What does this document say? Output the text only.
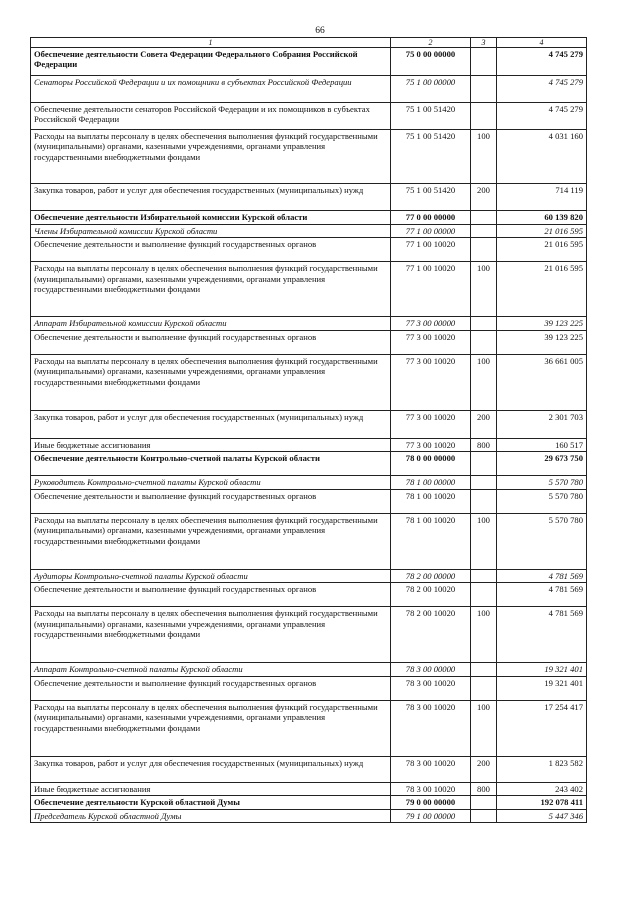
66
1	2	3	4
Обеспечение деятельности Совета Федерации Федерального Собрания Российской Федерации	75 0 00 00000		4 745 279
Сенаторы Российской Федерации и их помощники в субъектах Российской Федерации	75 1 00 00000		4 745 279
Обеспечение деятельности сенаторов Российской Федерации и их помощников в субъектах Российской Федерации	75 1 00 51420		4 745 279
Расходы на выплаты персоналу в целях обеспечения выполнения функций государственными (муниципальными) органами, казенными учреждениями, органами управления государственными внебюджетными фондами	75 1 00 51420	100	4 031 160
Закупка товаров, работ и услуг для обеспечения государственных (муниципальных) нужд	75 1 00 51420	200	714 119
Обеспечение деятельности Избирательной комиссии Курской области	77 0 00 00000		60 139 820
Члены Избирательной комиссии Курской области	77 1 00 00000		21 016 595
Обеспечение деятельности и выполнение функций государственных органов	77 1 00 10020		21 016 595
Расходы на выплаты персоналу в целях обеспечения выполнения функций государственными (муниципальными) органами, казенными учреждениями, органами управления государственными внебюджетными фондами	77 1 00 10020	100	21 016 595
Аппарат Избирательной комиссии Курской области	77 3 00 00000		39 123 225
Обеспечение деятельности и выполнение функций государственных органов	77 3 00 10020		39 123 225
Расходы на выплаты персоналу в целях обеспечения выполнения функций государственными (муниципальными) органами, казенными учреждениями, органами управления государственными внебюджетными фондами	77 3 00 10020	100	36 661 005
Закупка товаров, работ и услуг для обеспечения государственных (муниципальных) нужд	77 3 00 10020	200	2 301 703
Иные бюджетные ассигнования	77 3 00 10020	800	160 517
Обеспечение деятельности Контрольно-счетной палаты Курской области	78 0 00 00000		29 673 750
Руководитель Контрольно-счетной палаты Курской области	78 1 00 00000		5 570 780
Обеспечение деятельности и выполнение функций государственных органов	78 1 00 10020		5 570 780
Расходы на выплаты персоналу в целях обеспечения выполнения функций государственными (муниципальными) органами, казенными учреждениями, органами управления государственными внебюджетными фондами	78 1 00 10020	100	5 570 780
Аудиторы Контрольно-счетной палаты Курской области	78 2 00 00000		4 781 569
Обеспечение деятельности и выполнение функций государственных органов	78 2 00 10020		4 781 569
Расходы на выплаты персоналу в целях обеспечения выполнения функций государственными (муниципальными) органами, казенными учреждениями, органами управления государственными внебюджетными фондами	78 2 00 10020	100	4 781 569
Аппарат Контрольно-счетной палаты Курской области	78 3 00 00000		19 321 401
Обеспечение деятельности и выполнение функций государственных органов	78 3 00 10020		19 321 401
Расходы на выплаты персоналу в целях обеспечения выполнения функций государственными (муниципальными) органами, казенными учреждениями, органами управления государственными внебюджетными фондами	78 3 00 10020	100	17 254 417
Закупка товаров, работ и услуг для обеспечения государственных (муниципальных) нужд	78 3 00 10020	200	1 823 582
Иные бюджетные ассигнования	78 3 00 10020	800	243 402
Обеспечение деятельности Курской областной Думы	79 0 00 00000		192 078 411
Председатель Курской областной Думы	79 1 00 00000		5 447 346
